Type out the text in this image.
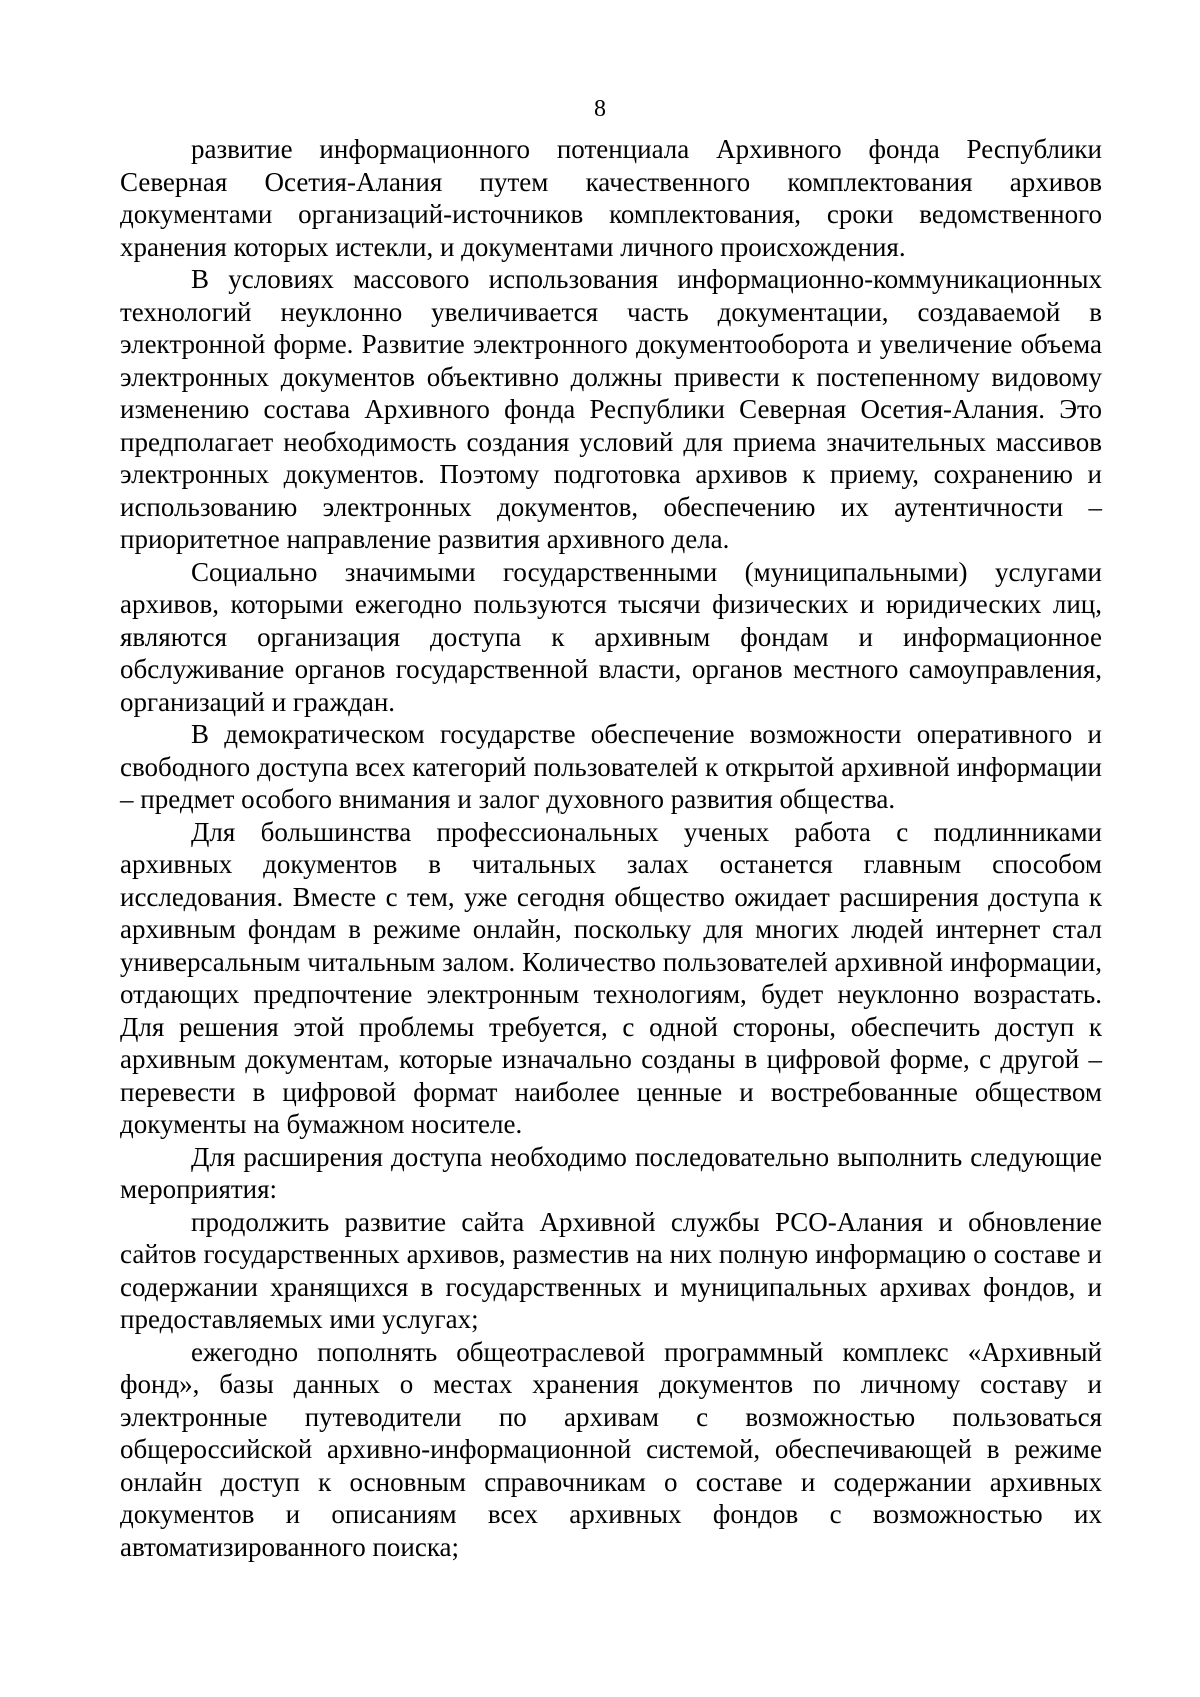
8

развитие информационного потенциала Архивного фонда Республики Северная Осетия-Алания путем качественного комплектования архивов документами организаций-источников комплектования, сроки ведомственного хранения которых истекли, и документами личного происхождения.

В условиях массового использования информационно-коммуникационных технологий неуклонно увеличивается часть документации, создаваемой в электронной форме. Развитие электронного документооборота и увеличение объема электронных документов объективно должны привести к постепенному видовому изменению состава Архивного фонда Республики Северная Осетия-Алания. Это предполагает необходимость создания условий для приема значительных массивов электронных документов. Поэтому подготовка архивов к приему, сохранению и использованию электронных документов, обеспечению их аутентичности – приоритетное направление развития архивного дела.

Социально значимыми государственными (муниципальными) услугами архивов, которыми ежегодно пользуются тысячи физических и юридических лиц, являются организация доступа к архивным фондам и информационное обслуживание органов государственной власти, органов местного самоуправления, организаций и граждан.

В демократическом государстве обеспечение возможности оперативного и свободного доступа всех категорий пользователей к открытой архивной информации – предмет особого внимания и залог духовного развития общества.

Для большинства профессиональных ученых работа с подлинниками архивных документов в читальных залах останется главным способом исследования. Вместе с тем, уже сегодня общество ожидает расширения доступа к архивным фондам в режиме онлайн, поскольку для многих людей интернет стал универсальным читальным залом. Количество пользователей архивной информации, отдающих предпочтение электронным технологиям, будет неуклонно возрастать. Для решения этой проблемы требуется, с одной стороны, обеспечить доступ к архивным документам, которые изначально созданы в цифровой форме, с другой – перевести в цифровой формат наиболее ценные и востребованные обществом документы на бумажном носителе.

Для расширения доступа необходимо последовательно выполнить следующие мероприятия:

продолжить развитие сайта Архивной службы РСО-Алания и обновление сайтов государственных архивов, разместив на них полную информацию о составе и содержании хранящихся в государственных и муниципальных архивах фондов, и предоставляемых ими услугах;

ежегодно пополнять общеотраслевой программный комплекс «Архивный фонд», базы данных о местах хранения документов по личному составу и электронные путеводители по архивам с возможностью пользоваться общероссийской архивно-информационной системой, обеспечивающей в режиме онлайн доступ к основным справочникам о составе и содержании архивных документов и описаниям всех архивных фондов с возможностью их автоматизированного поиска;
